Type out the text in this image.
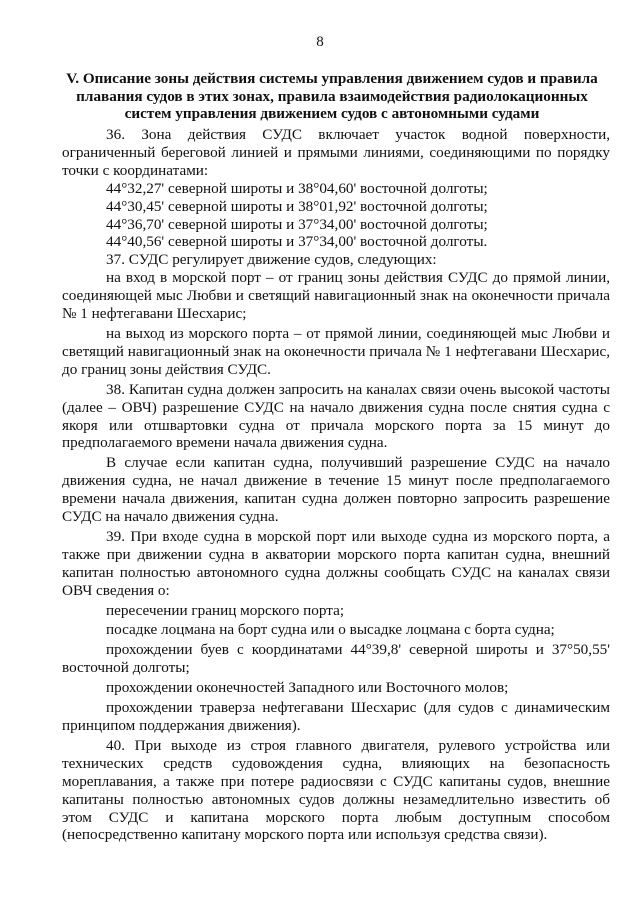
8
V. Описание зоны действия системы управления движением судов и правила плавания судов в этих зонах, правила взаимодействия радиолокационных систем управления движением судов с автономными судами

36. Зона действия СУДС включает участок водной поверхности, ограниченный береговой линией и прямыми линиями, соединяющими по порядку точки с координатами:

44°32,27' северной широты и 38°04,60' восточной долготы;

44°30,45' северной широты и 38°01,92' восточной долготы;

44°36,70' северной широты и 37°34,00' восточной долготы;

44°40,56' северной широты и 37°34,00' восточной долготы.

37. СУДС регулирует движение судов, следующих:

на вход в морской порт – от границ зоны действия СУДС до прямой линии, соединяющей мыс Любви и светящий навигационный знак на оконечности причала № 1 нефтегавани Шесхарис;

на выход из морского порта – от прямой линии, соединяющей мыс Любви и светящий навигационный знак на оконечности причала № 1 нефтегавани Шесхарис, до границ зоны действия СУДС.

38. Капитан судна должен запросить на каналах связи очень высокой частоты (далее – ОВЧ) разрешение СУДС на начало движения судна после снятия судна с якоря или отшвартовки судна от причала морского порта за 15 минут до предполагаемого времени начала движения судна.

В случае если капитан судна, получивший разрешение СУДС на начало движения судна, не начал движение в течение 15 минут после предполагаемого времени начала движения, капитан судна должен повторно запросить разрешение СУДС на начало движения судна.

39. При входе судна в морской порт или выходе судна из морского порта, а также при движении судна в акватории морского порта капитан судна, внешний капитан полностью автономного судна должны сообщать СУДС на каналах связи ОВЧ сведения о:

пересечении границ морского порта;

посадке лоцмана на борт судна или о высадке лоцмана с борта судна;

прохождении буев с координатами 44°39,8' северной широты и 37°50,55' восточной долготы;

прохождении оконечностей Западного или Восточного молов;

прохождении траверза нефтегавани Шесхарис (для судов с динамическим принципом поддержания движения).

40. При выходе из строя главного двигателя, рулевого устройства или технических средств судовождения судна, влияющих на безопасность мореплавания, а также при потере радиосвязи с СУДС капитаны судов, внешние капитаны полностью автономных судов должны незамедлительно известить об этом СУДС и капитана морского порта любым доступным способом (непосредственно капитану морского порта или используя средства связи).
